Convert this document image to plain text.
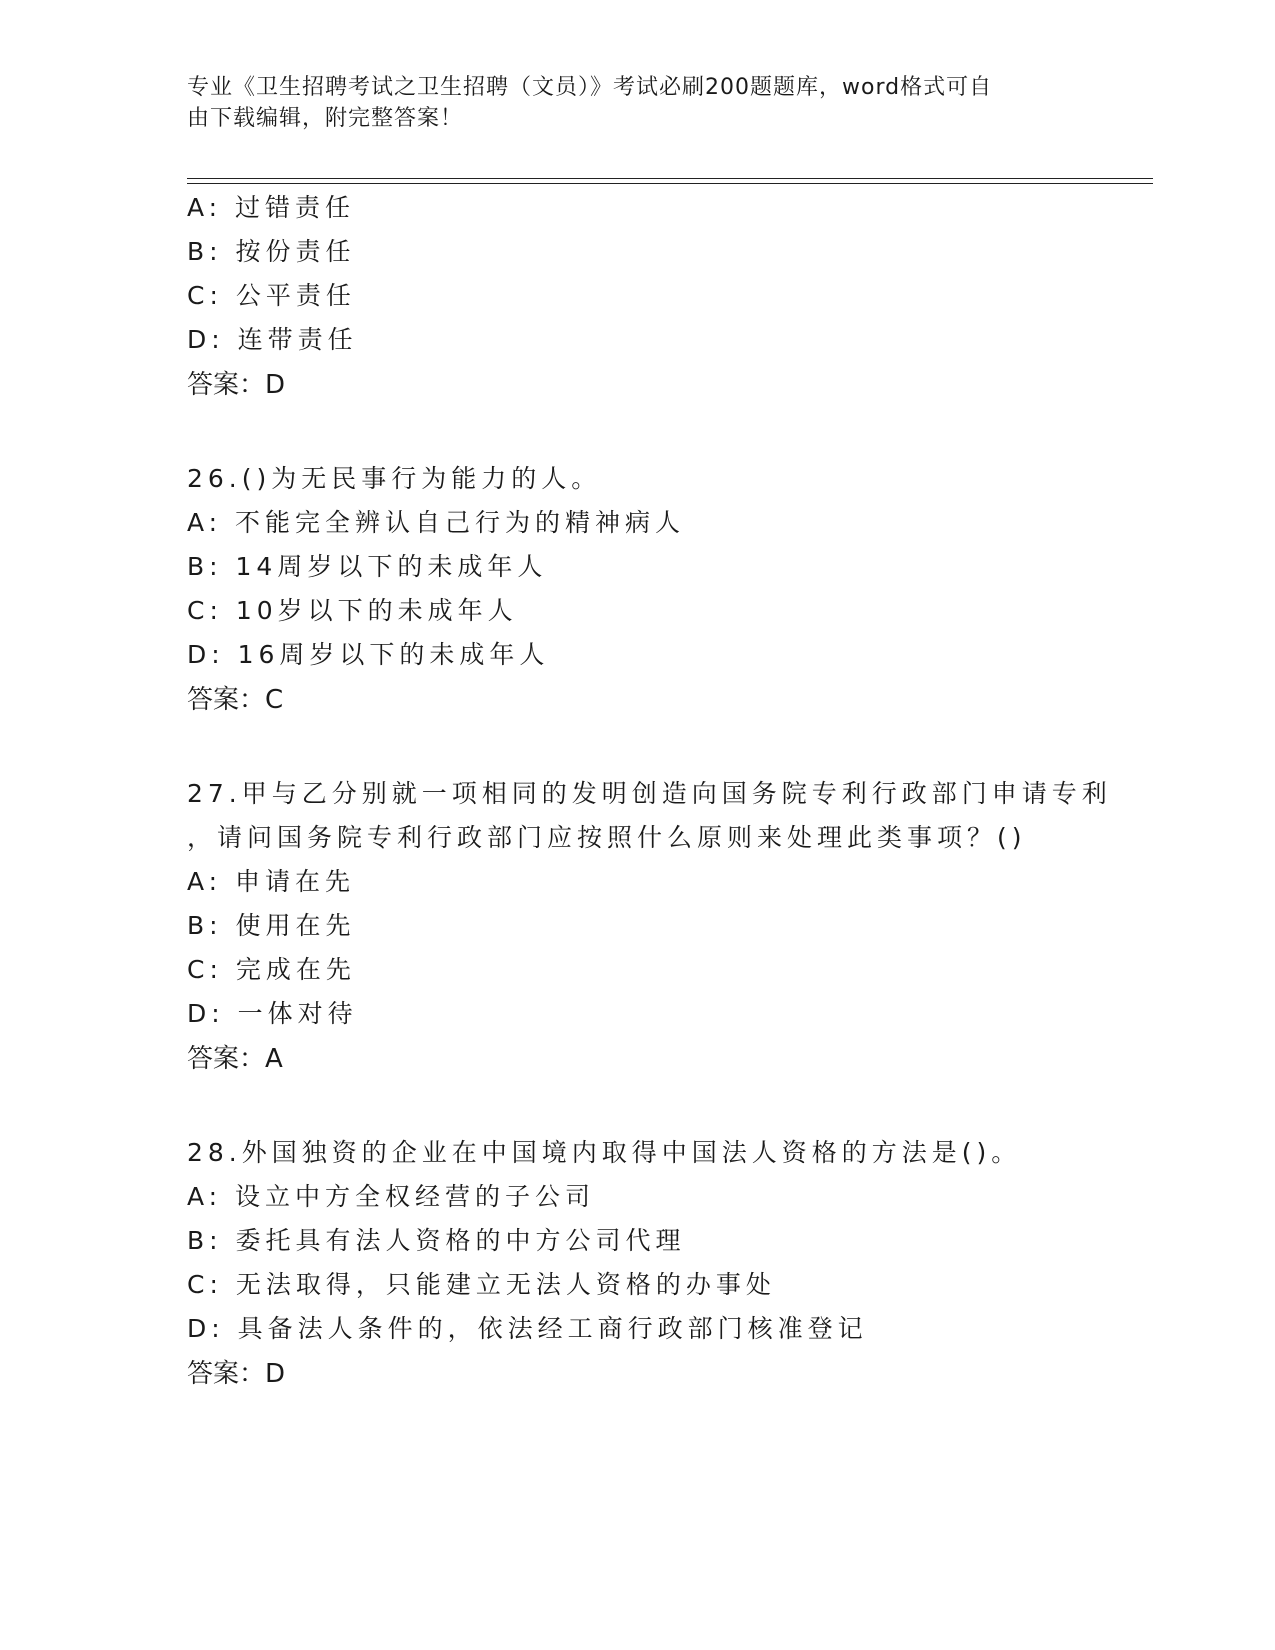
专业《卫生招聘考试之卫生招聘（文员）》考试必刷200题题库，word格式可自
由下载编辑，附完整答案！
A: 过错责任
B: 按份责任
C: 公平责任
D: 连带责任
答案：D
26.()为无民事行为能力的人。
A: 不能完全辨认自己行为的精神病人
B: 14周岁以下的未成年人
C: 10岁以下的未成年人
D: 16周岁以下的未成年人
答案：C
27.甲与乙分别就一项相同的发明创造向国务院专利行政部门申请专利
，请问国务院专利行政部门应按照什么原则来处理此类事项？()
A: 申请在先
B: 使用在先
C: 完成在先
D: 一体对待
答案：A
28.外国独资的企业在中国境内取得中国法人资格的方法是()。
A: 设立中方全权经营的子公司
B: 委托具有法人资格的中方公司代理
C: 无法取得，只能建立无法人资格的办事处
D: 具备法人条件的，依法经工商行政部门核准登记
答案：D
